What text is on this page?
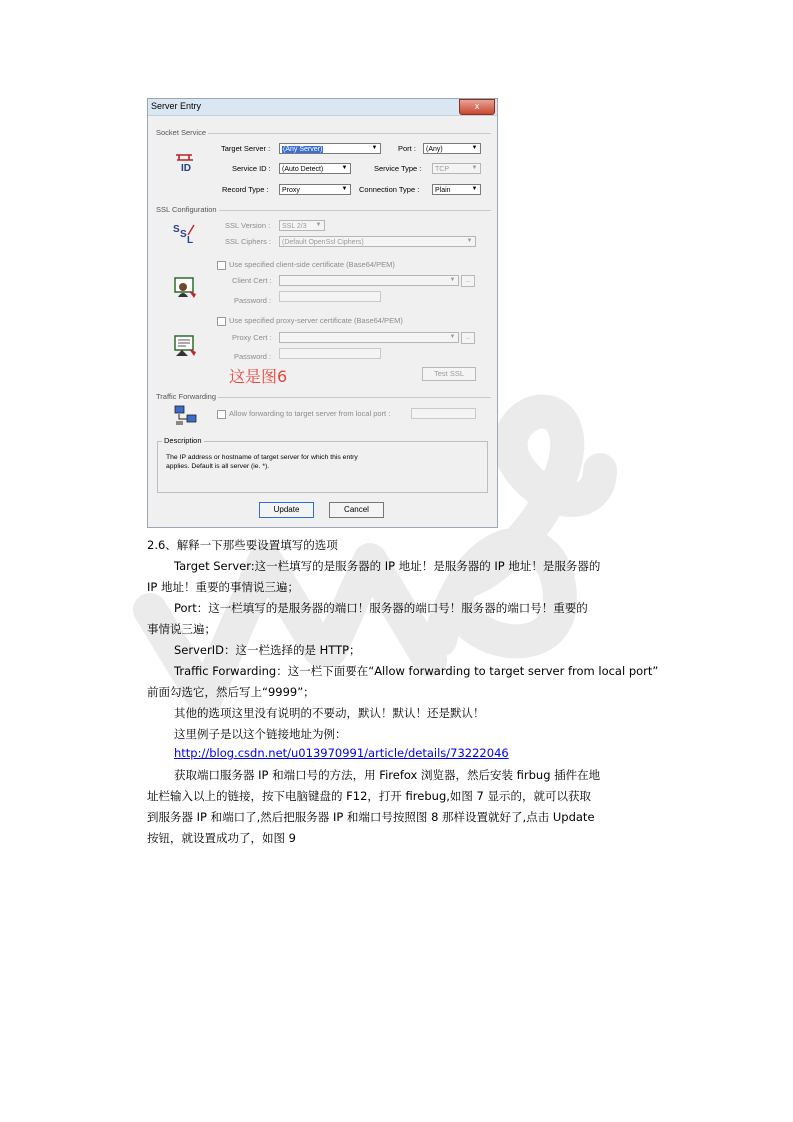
Server Entry	x
Socket Service
ID
Target Server :	(Any Server)	▼	Port :	(Any)	▼
Service ID :	(Auto Detect)	▼	Service Type :	TCP	▼
Record Type :	Proxy	▼ Connection Type :	Plain	▼
SSL Configuration
S S
L
SSL Version :	SSL 2/3 ▼
SSL Ciphers :	(Default OpenSsl Ciphers)	▼
Use specified client-side certificate (Base64/PEM)
Client Cert :	▼	...
Password :
Use specified proxy-server certificate (Base64/PEM)
Proxy Cert :	▼	...
Password :
这是图6	Test SSL
Traffic Forwarding
Allow forwarding to target server from local port :
Description
The IP address or hostname of target server for which this entry
applies. Default is all server (ie. *).
Update	Cancel
2.6、解释一下那些要设置填写的选项
Target Server:这一栏填写的是服务器的 IP 地址！是服务器的 IP 地址！是服务器的
IP 地址！重要的事情说三遍；
Port：这一栏填写的是服务器的端口！服务器的端口号！服务器的端口号！重要的
事情说三遍；
ServerID：这一栏选择的是 HTTP；
Traffic Forwarding：这一栏下面要在“Allow forwarding to target server from local port”
前面勾选它，然后写上“9999”；
其他的选项这里没有说明的不要动，默认！默认！还是默认！
这里例子是以这个链接地址为例：
http://blog.csdn.net/u013970991/article/details/73222046
获取端口服务器 IP 和端口号的方法，用 Firefox 浏览器，然后安装 firbug 插件在地
址栏输入以上的链接，按下电脑键盘的 F12，打开 firebug,如图 7 显示的，就可以获取
到服务器 IP 和端口了,然后把服务器 IP 和端口号按照图 8 那样设置就好了,点击 Update
按钮，就设置成功了，如图 9
